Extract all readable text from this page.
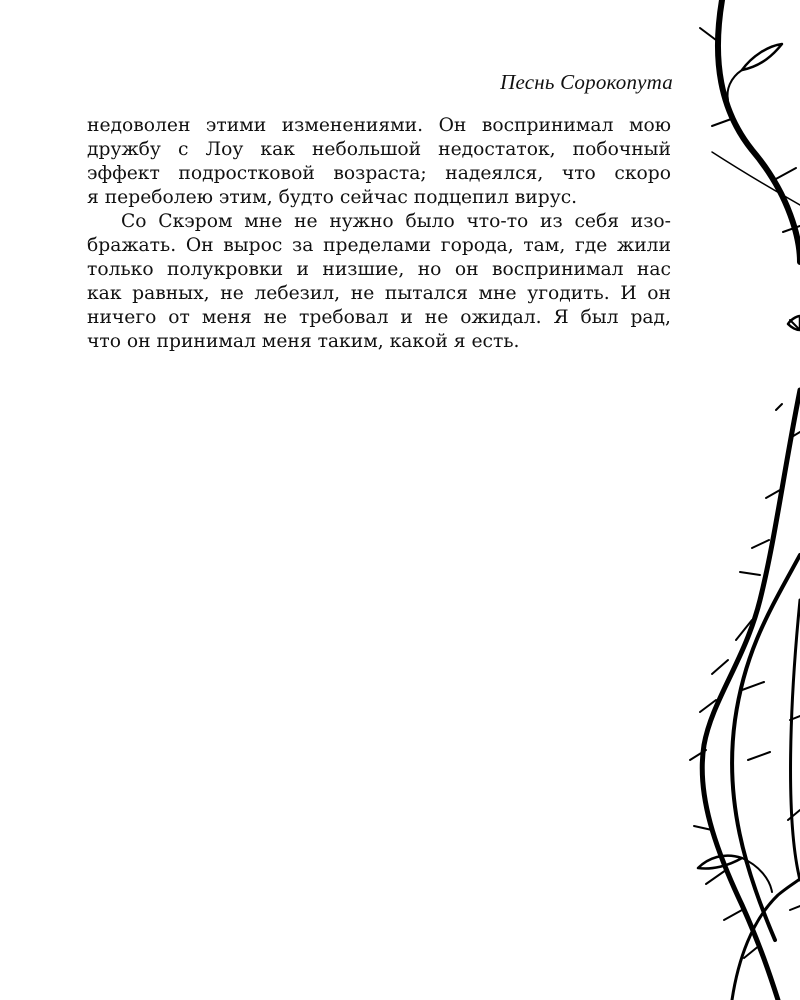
Песнь Сорокопута
недоволен этими изменениями. Он воспринимал мою
дружбу с Лоу как небольшой недостаток, побочный
эффект подростковой возраста; надеялся, что скоро
я переболею этим, будто сейчас подцепил вирус.
Со Скэром мне не нужно было что-то из себя изо-
бражать. Он вырос за пределами города, там, где жили
только полукровки и низшие, но он воспринимал нас
как равных, не лебезил, не пытался мне угодить. И он
ничего от меня не требовал и не ожидал. Я был рад,
что он принимал меня таким, какой я есть.
